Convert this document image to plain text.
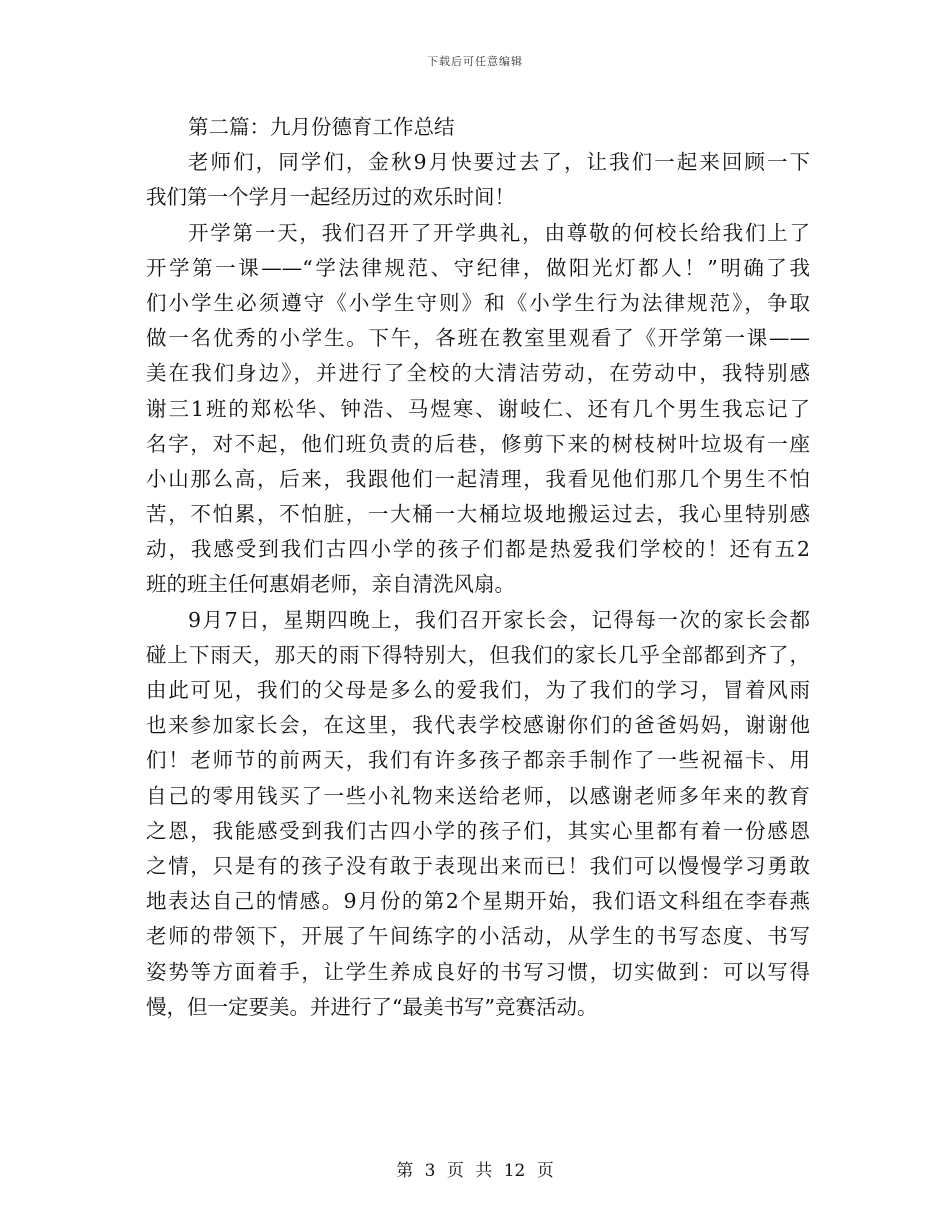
下载后可任意编辑
第二篇：九月份德育工作总结
老师们，同学们，金秋9月快要过去了，让我们一起来回顾一下
我们第一个学月一起经历过的欢乐时间！
开学第一天，我们召开了开学典礼，由尊敬的何校长给我们上了
开学第一课——“学法律规范、守纪律，做阳光灯都人！”明确了我
们小学生必须遵守《小学生守则》和《小学生行为法律规范》，争取
做一名优秀的小学生。下午，各班在教室里观看了《开学第一课——
美在我们身边》，并进行了全校的大清洁劳动，在劳动中，我特别感
谢三1班的郑松华、钟浩、马煜寒、谢岐仁、还有几个男生我忘记了
名字，对不起，他们班负责的后巷，修剪下来的树枝树叶垃圾有一座
小山那么高，后来，我跟他们一起清理，我看见他们那几个男生不怕
苦，不怕累，不怕脏，一大桶一大桶垃圾地搬运过去，我心里特别感
动，我感受到我们古四小学的孩子们都是热爱我们学校的！还有五2
班的班主任何惠娟老师，亲自清洗风扇。
9月7日，星期四晚上，我们召开家长会，记得每一次的家长会都
碰上下雨天，那天的雨下得特别大，但我们的家长几乎全部都到齐了，
由此可见，我们的父母是多么的爱我们，为了我们的学习，冒着风雨
也来参加家长会，在这里，我代表学校感谢你们的爸爸妈妈，谢谢他
们！老师节的前两天，我们有许多孩子都亲手制作了一些祝福卡、用
自己的零用钱买了一些小礼物来送给老师，以感谢老师多年来的教育
之恩，我能感受到我们古四小学的孩子们，其实心里都有着一份感恩
之情，只是有的孩子没有敢于表现出来而已！我们可以慢慢学习勇敢
地表达自己的情感。9月份的第2个星期开始，我们语文科组在李春燕
老师的带领下，开展了午间练字的小活动，从学生的书写态度、书写
姿势等方面着手，让学生养成良好的书写习惯，切实做到：可以写得
慢，但一定要美。并进行了“最美书写”竞赛活动。
第 3 页 共 12 页
